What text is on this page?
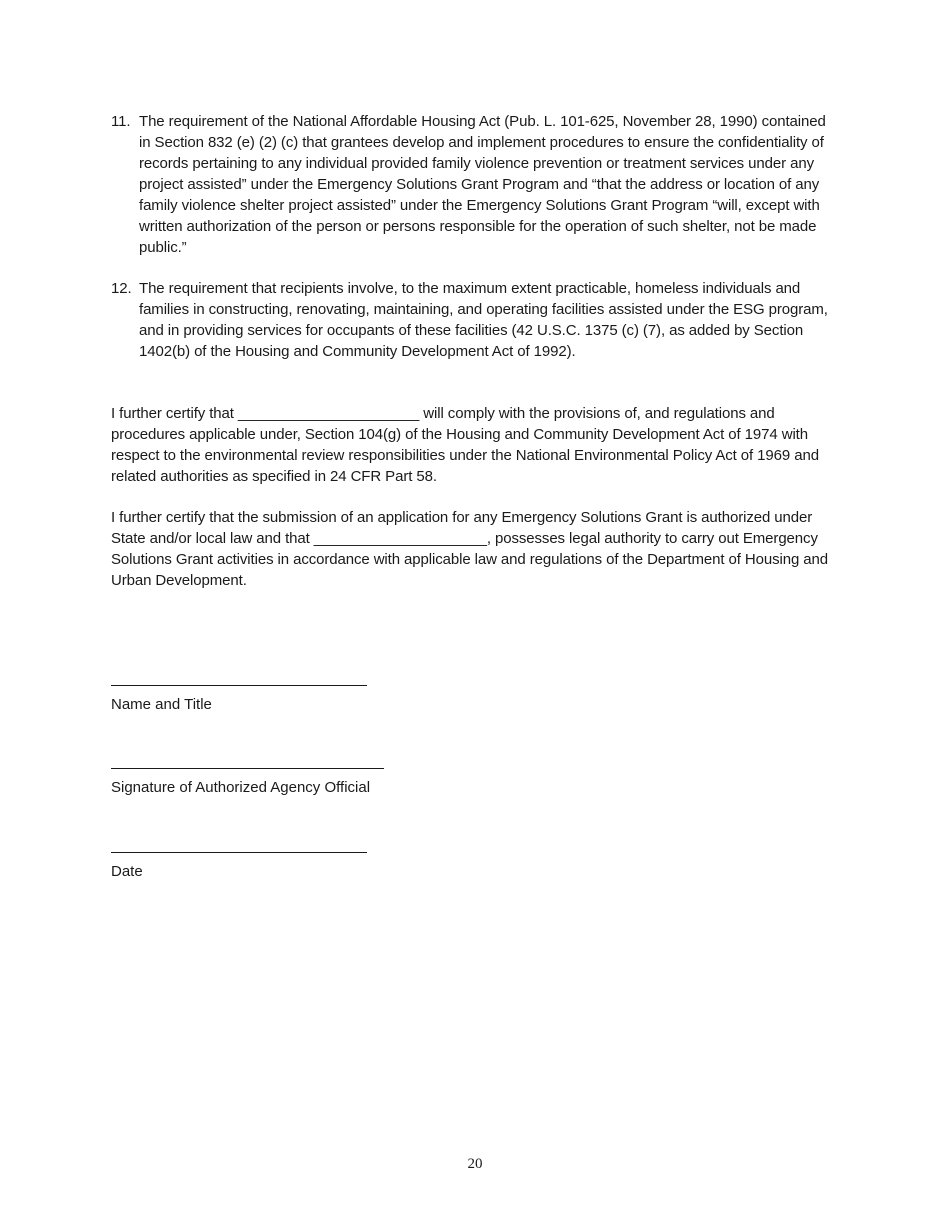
11. The requirement of the National Affordable Housing Act (Pub. L. 101-625, November 28, 1990) contained in Section 832 (e) (2) (c) that grantees develop and implement procedures to ensure the confidentiality of records pertaining to any individual provided family violence prevention or treatment services under any project assisted” under the Emergency Solutions Grant Program and “that the address or location of any family violence shelter project assisted” under the Emergency Solutions Grant Program “will, except with written authorization of the person or persons responsible for the operation of such shelter, not be made public.”
12. The requirement that recipients involve, to the maximum extent practicable, homeless individuals and families in constructing, renovating, maintaining, and operating facilities assisted under the ESG program, and in providing services for occupants of these facilities (42 U.S.C. 1375 (c) (7), as added by Section 1402(b) of the Housing and Community Development Act of 1992).
I further certify that ______________________ will comply with the provisions of, and regulations and procedures applicable under, Section 104(g) of the Housing and Community Development Act of 1974 with respect to the environmental review responsibilities under the National Environmental Policy Act of 1969 and related authorities as specified in 24 CFR Part 58.
I further certify that the submission of an application for any Emergency Solutions Grant is authorized under State and/or local law and that _____________________, possesses legal authority to carry out Emergency Solutions Grant activities in accordance with applicable law and regulations of the Department of Housing and Urban Development.
Name and Title
Signature of Authorized Agency Official
Date
20
